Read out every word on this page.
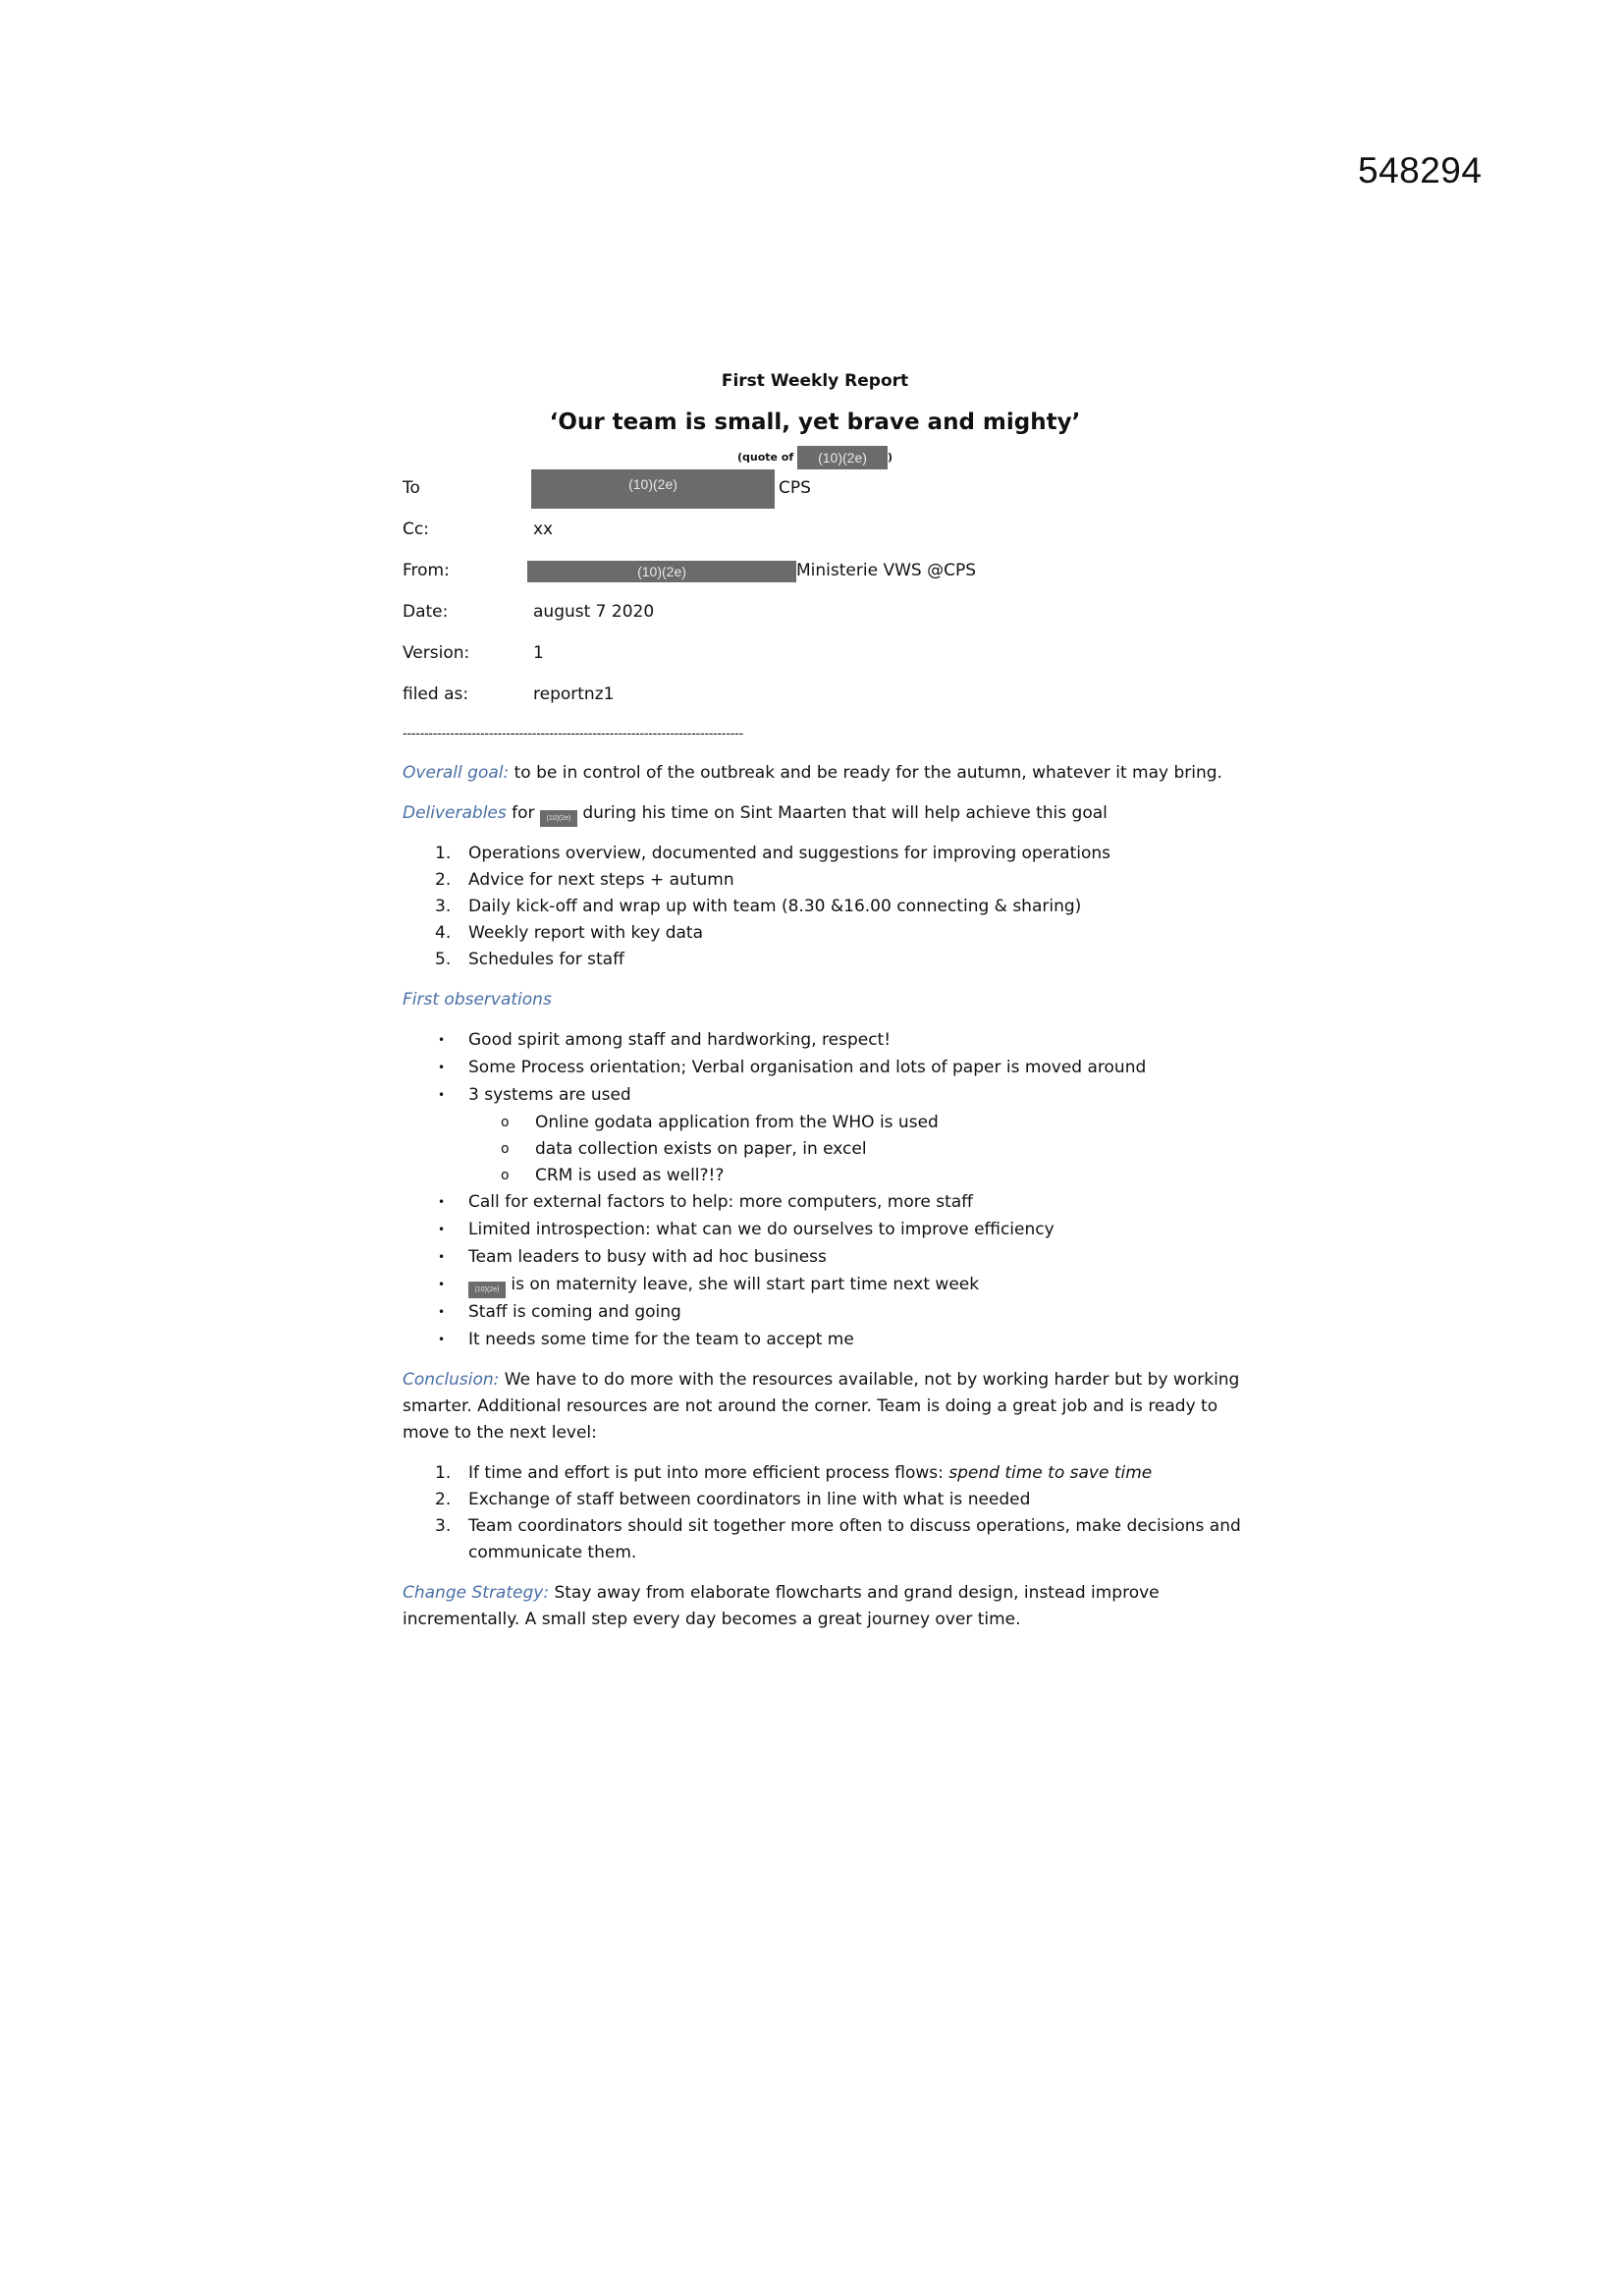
548294
First Weekly Report
‘Our team is small, yet brave and mighty’
(quote of (10)(2e) )
To	(10)(2e)	CPS
Cc:	xx
From:	(10)(2e)	Ministerie VWS @CPS
Date:	august 7 2020
Version:	1
filed as:	reportnz1
-------------------------------------------------------------------------------

Overall goal: to be in control of the outbreak and be ready for the autumn, whatever it may bring.

Deliverables for (10)(2e) during his time on Sint Maarten that will help achieve this goal

1. Operations overview, documented and suggestions for improving operations
2. Advice for next steps + autumn
3. Daily kick-off and wrap up with team (8.30 &16.00 connecting & sharing)
4. Weekly report with key data
5. Schedules for staff

First observations

• Good spirit among staff and hardworking, respect!
• Some Process orientation; Verbal organisation and lots of paper is moved around
• 3 systems are used
o Online godata application from the WHO is used
o data collection exists on paper, in excel
o CRM is used as well?!?
• Call for external factors to help: more computers, more staff
• Limited introspection: what can we do ourselves to improve efficiency
• Team leaders to busy with ad hoc business
•	(10)(2e) is on maternity leave, she will start part time next week
• Staff is coming and going
• It needs some time for the team to accept me

Conclusion: We have to do more with the resources available, not by working harder but by working smarter. Additional resources are not around the corner. Team is doing a great job and is ready to move to the next level:

1. If time and effort is put into more efficient process flows: spend time to save time
2. Exchange of staff between coordinators in line with what is needed
3. Team coordinators should sit together more often to discuss operations, make decisions and communicate them.

Change Strategy: Stay away from elaborate flowcharts and grand design, instead improve incrementally. A small step every day becomes a great journey over time.
